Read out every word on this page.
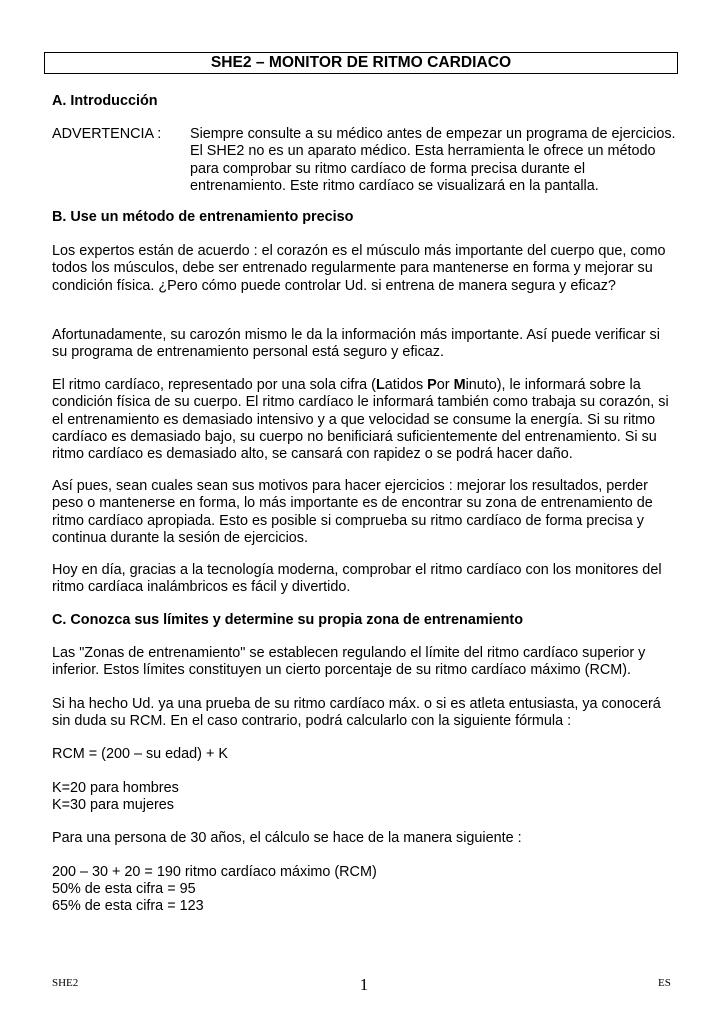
SHE2 – MONITOR DE RITMO CARDIACO
A. Introducción
ADVERTENCIA : Siempre consulte a su médico antes de empezar un programa de ejercicios. El SHE2 no es un aparato médico. Esta herramienta le ofrece un método para comprobar su ritmo cardíaco de forma precisa durante el entrenamiento. Este ritmo cardíaco se visualizará en la pantalla.

B. Use un método de entrenamiento preciso

Los expertos están de acuerdo : el corazón es el músculo más importante del cuerpo que, como todos los músculos, debe ser entrenado regularmente para mantenerse en forma y mejorar su condición física. ¿Pero cómo puede controlar Ud. si entrena de manera segura y eficaz?

Afortunadamente, su carozón mismo le da la información más importante. Así puede verificar si su programa de entrenamiento personal está seguro y eficaz.

El ritmo cardíaco, representado por una sola cifra (Latidos Por Minuto), le informará sobre la condición física de su cuerpo. El ritmo cardíaco le informará también como trabaja su corazón, si el entrenamiento es demasiado intensivo y a que velocidad se consume la energía. Si su ritmo cardíaco es demasiado bajo, su cuerpo no benificiará suficientemente del entrenamiento. Si su ritmo cardíaco es demasiado alto, se cansará con rapidez o se podrá hacer daño.

Así pues, sean cuales sean sus motivos para hacer ejercicios : mejorar los resultados, perder peso o mantenerse en forma, lo más importante es de encontrar su zona de entrenamiento de ritmo cardíaco apropiada. Esto es posible si comprueba su ritmo cardíaco de forma precisa y continua durante la sesión de ejercicios.

Hoy en día, gracias a la tecnología moderna, comprobar el ritmo cardíaco con los monitores del ritmo cardíaca inalámbricos es fácil y divertido.

C. Conozca sus límites y determine su propia zona de entrenamiento

Las "Zonas de entrenamiento" se establecen regulando el límite del ritmo cardíaco superior y inferior. Estos límites constituyen un cierto porcentaje de su ritmo cardíaco máximo (RCM).

Si ha hecho Ud. ya una prueba de su ritmo cardíaco máx. o si es atleta entusiasta, ya conocerá sin duda su RCM. En el caso contrario, podrá calcularlo con la siguiente fórmula :

RCM = (200 – su edad) + K
K=20 para hombres
K=30 para mujeres
Para una persona de 30 años, el cálculo se hace de la manera siguiente :
200 – 30 + 20 = 190 ritmo cardíaco máximo (RCM)
50% de esta cifra = 95
65% de esta cifra = 123
SHE2	1	ES
